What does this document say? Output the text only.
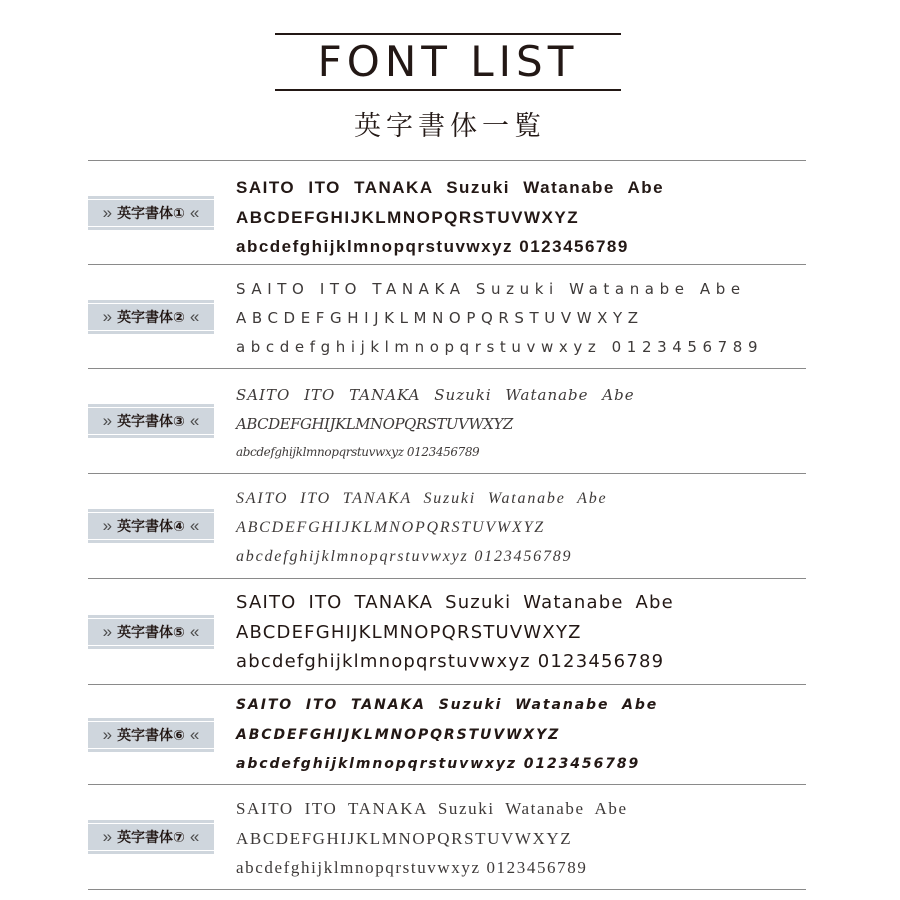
FONT LIST
英字書体一覧
» 英字書体① «
SAITO ITO TANAKA Suzuki Watanabe Abe
ABCDEFGHIJKLMNOPQRSTUVWXYZ
abcdefghijklmnopqrstuvwxyz 0123456789
» 英字書体② «
SAITO ITO TANAKA Suzuki Watanabe Abe
ABCDEFGHIJKLMNOPQRSTUVWXYZ
abcdefghijklmnopqrstuvwxyz 0123456789
» 英字書体③ «
SAITO ITO TANAKA Suzuki Watanabe Abe
ABCDEFGHIJKLMNOPQRSTUVWXYZ
abcdefghijklmnopqrstuvwxyz 0123456789
» 英字書体④ «
SAITO ITO TANAKA Suzuki Watanabe Abe
ABCDEFGHIJKLMNOPQRSTUVWXYZ
abcdefghijklmnopqrstuvwxyz 0123456789
» 英字書体⑤ «
SAITO ITO TANAKA Suzuki Watanabe Abe
ABCDEFGHIJKLMNOPQRSTUVWXYZ
abcdefghijklmnopqrstuvwxyz 0123456789
» 英字書体⑥ «
SAITO ITO TANAKA Suzuki Watanabe Abe
ABCDEFGHIJKLMNOPQRSTUVWXYZ
abcdefghijklmnopqrstuvwxyz 0123456789
» 英字書体⑦ «
SAITO ITO TANAKA Suzuki Watanabe Abe
ABCDEFGHIJKLMNOPQRSTUVWXYZ
abcdefghijklmnopqrstuvwxyz 0123456789
